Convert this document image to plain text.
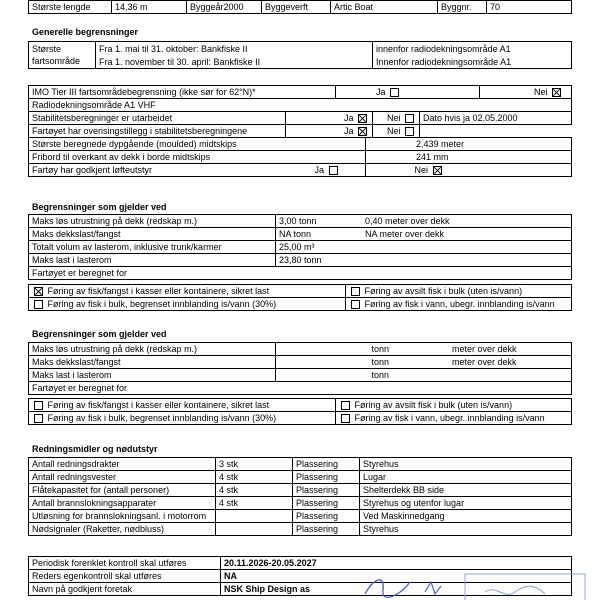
Største lengde	14,36 m	Byggeår2000	Byggeverft	Artic Boat	Byggnr.	70
Generelle begrensninger
Største
fartsområde	Fra 1. mai til 31. oktober: Bankfiske II	innenfor radiodekningsområde A1
	Fra 1. november til 30. april: Bankfiske II	Innenfor radiodekningsområde A1
IMO Tier III fartsområdebegrensning (ikke sør for 62°N)*	Ja	Nei
Radiodekningsområde A1 VHF
Stabilitetsberegninger er utarbeidet	Ja	Nei	Dato hvis ja 02.05.2000
Fartøyet har overisingstillegg i stabilitetsberegningene	Ja	Nei	
Største beregnede dypgående (moulded) midtskips	2,439 meter
Fribord til overkant av dekk i borde midtskips	241 mm
Fartøy har godkjent løfteutstyr	Ja Nei
Begrensninger som gjelder ved
Maks løs utrustning på dekk (redskap m.)	3,00 tonn	0,40 meter over dekk
Maks dekkslast/fangst	NA tonn	NA meter over dekk
Totalt volum av lasterom, inklusive trunk/karmer	25,00 m³	
Maks last i lasterom	23,80 tonn	
Fartøyet er beregnet for		
Føring av fisk/fangst i kasser eller kontainere, sikret last	Føring av avsilt fisk i bulk (uten is/vann)
Føring av fisk i bulk, begrenset innblanding is/vann (30%)	Føring av fisk i vann, ubegr. innblanding is/vann
Begrensninger som gjelder ved
Maks løs utrustning på dekk (redskap m.)	tonn	meter over dekk
Maks dekkslast/fangst	tonn	meter over dekk
Maks last i lasterom	tonn	
Fartøyet er beregnet for		
Føring av fisk/fangst i kasser eller kontainere, sikret last	Føring av avsilt fisk i bulk (uten is/vann)
Føring av fisk i bulk, begrenset innblanding is/vann (30%)	Føring av fisk i vann, ubegr. innblanding is/vann
Redningsmidler og nødutstyr
Antall redningsdrakter	3 stk	Plassering	Styrehus
Antall redningsvester	4 stk	Plassering	Lugar
Flåtekapasitet for (antall personer)	4 stk	Plassering	Shelterdekk BB side
Antall brannslokningsapparater	4 stk	Plassering	Styrehus og utenfor lugar
Utløsning for brannslokningsanl. i motorrom		Plassering	Ved Maskinnedgang
Nødsignaler (Raketter, nødbluss)		Plassering	Styrehus
Periodisk forenklet kontroll skal utføres	20.11.2026-20.05.2027
Reders egenkontroll skal utføres	NA
Navn på godkjent foretak	NSK Ship Design as
